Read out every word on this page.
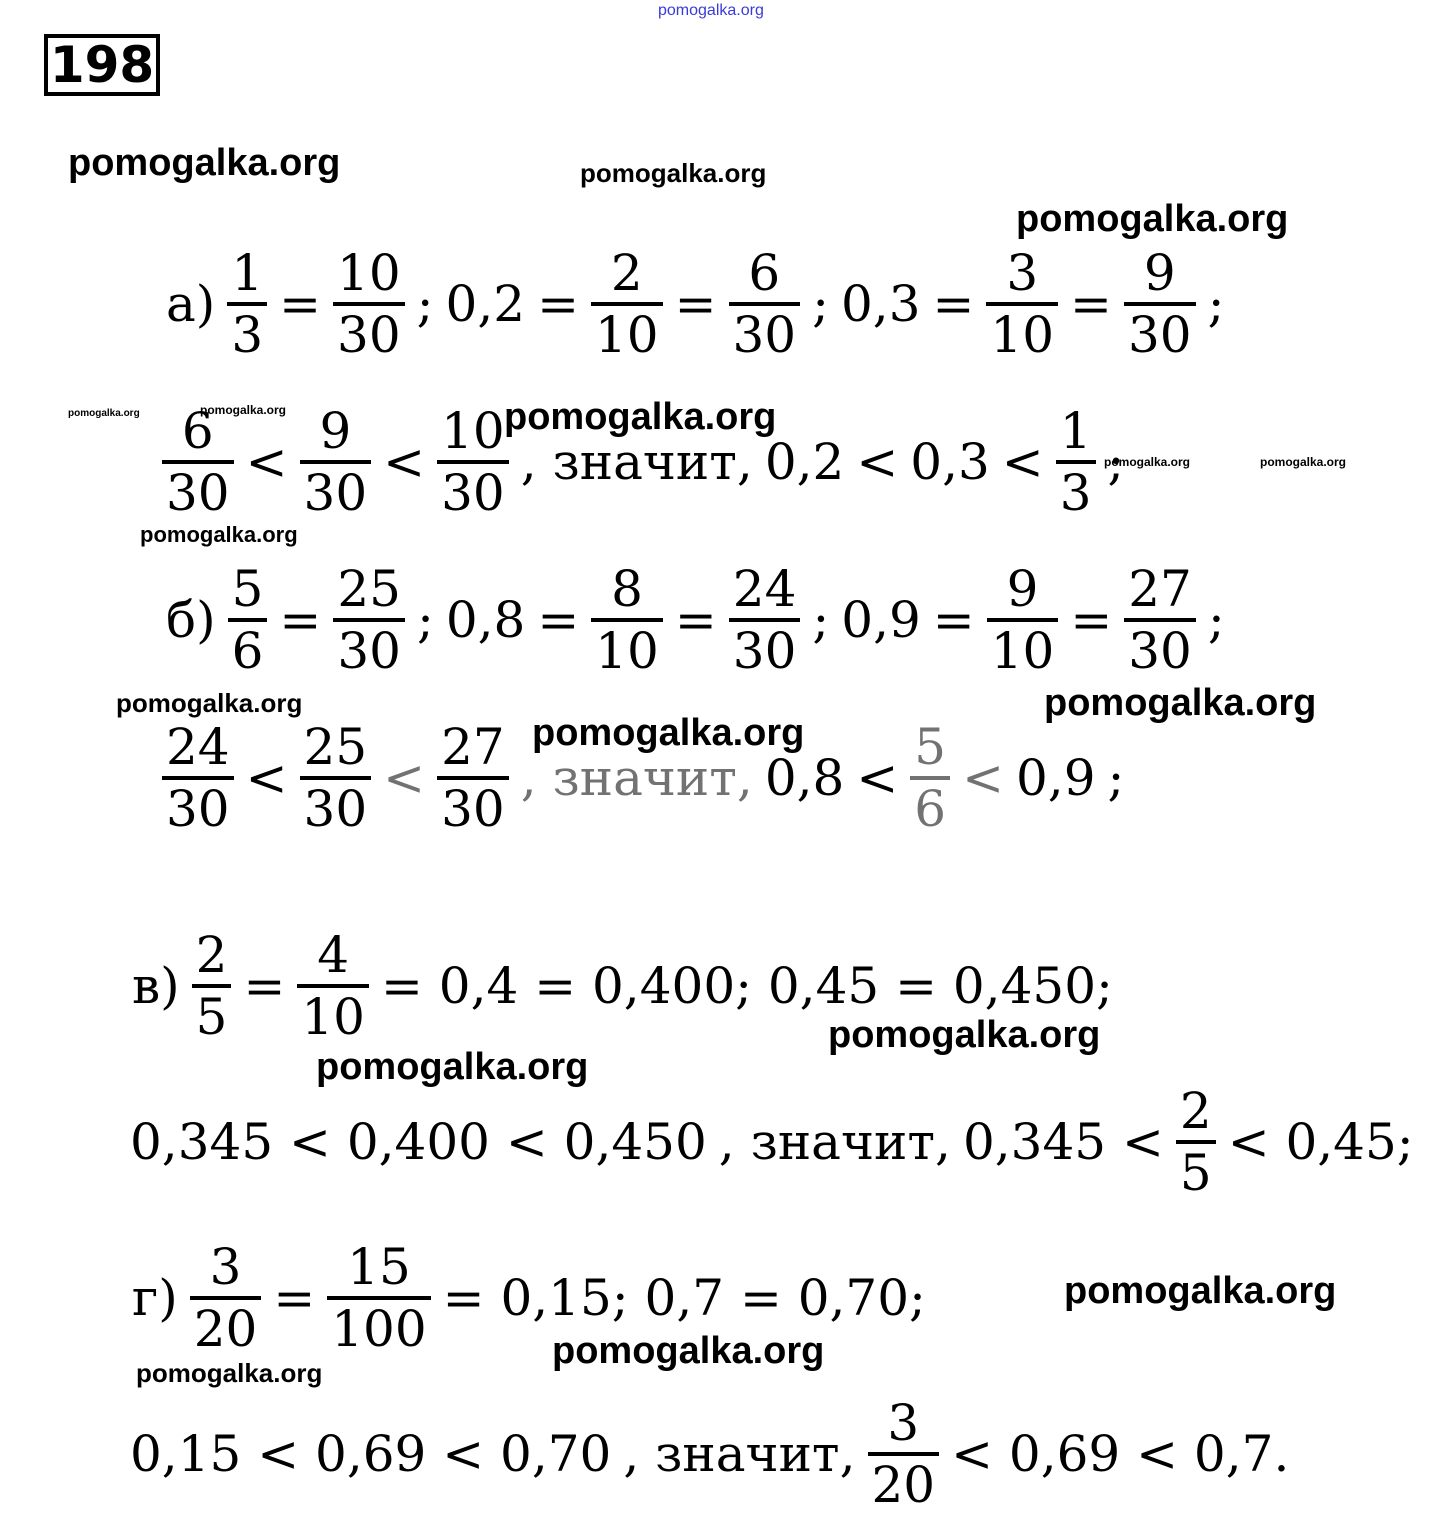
pomogalka.org
198
pomogalka.org	pomogalka.org
pomogalka.org
pomogalka.org	pomogalka.org
pomogalka.org	pomogalka.org
pomogalka.org
pomogalka.org	pomogalka.org
pomogalka.org
pomogalka.org
pomogalka.org
pomogalka.org
pomogalka.org
$а) \frac{1}{3} = \frac{10}{30}$ ; $0,2 = \frac{2}{10} = \frac{6}{30}$ ; $0,3 = \frac{3}{10} = \frac{9}{30}$ ;
$\frac{6}{30} < \frac{9}{30} < \frac{10}{30}$ , значит, $0,2 < 0,3 < \frac{1}{3}$ ;
$б) \frac{5}{6} = \frac{25}{30}$ ; $0,8 = \frac{8}{10} = \frac{24}{30}$ ; $0,9 = \frac{9}{10} = \frac{27}{30}$ ;
$\frac{24}{30} < \frac{25}{30} < \frac{27}{30}$ , значит, $0,8 < \frac{5}{6} < 0,9$ ;
pomogalka.org
pomogalka.org
$в) \frac{2}{5} = \frac{4}{10} = 0,4 = 0,400$; 0,45 = 0,450;
0,345 < 0,400 < 0,450 , значит, $0,345 < \frac{2}{5} < 0,45$;
$г) \frac{3}{20} = \frac{15}{100} = 0,15$; 0,7 = 0,70;
0,15 < 0,69 < 0,70 , значит, $\frac{3}{20} < 0,69 < 0,7$.
